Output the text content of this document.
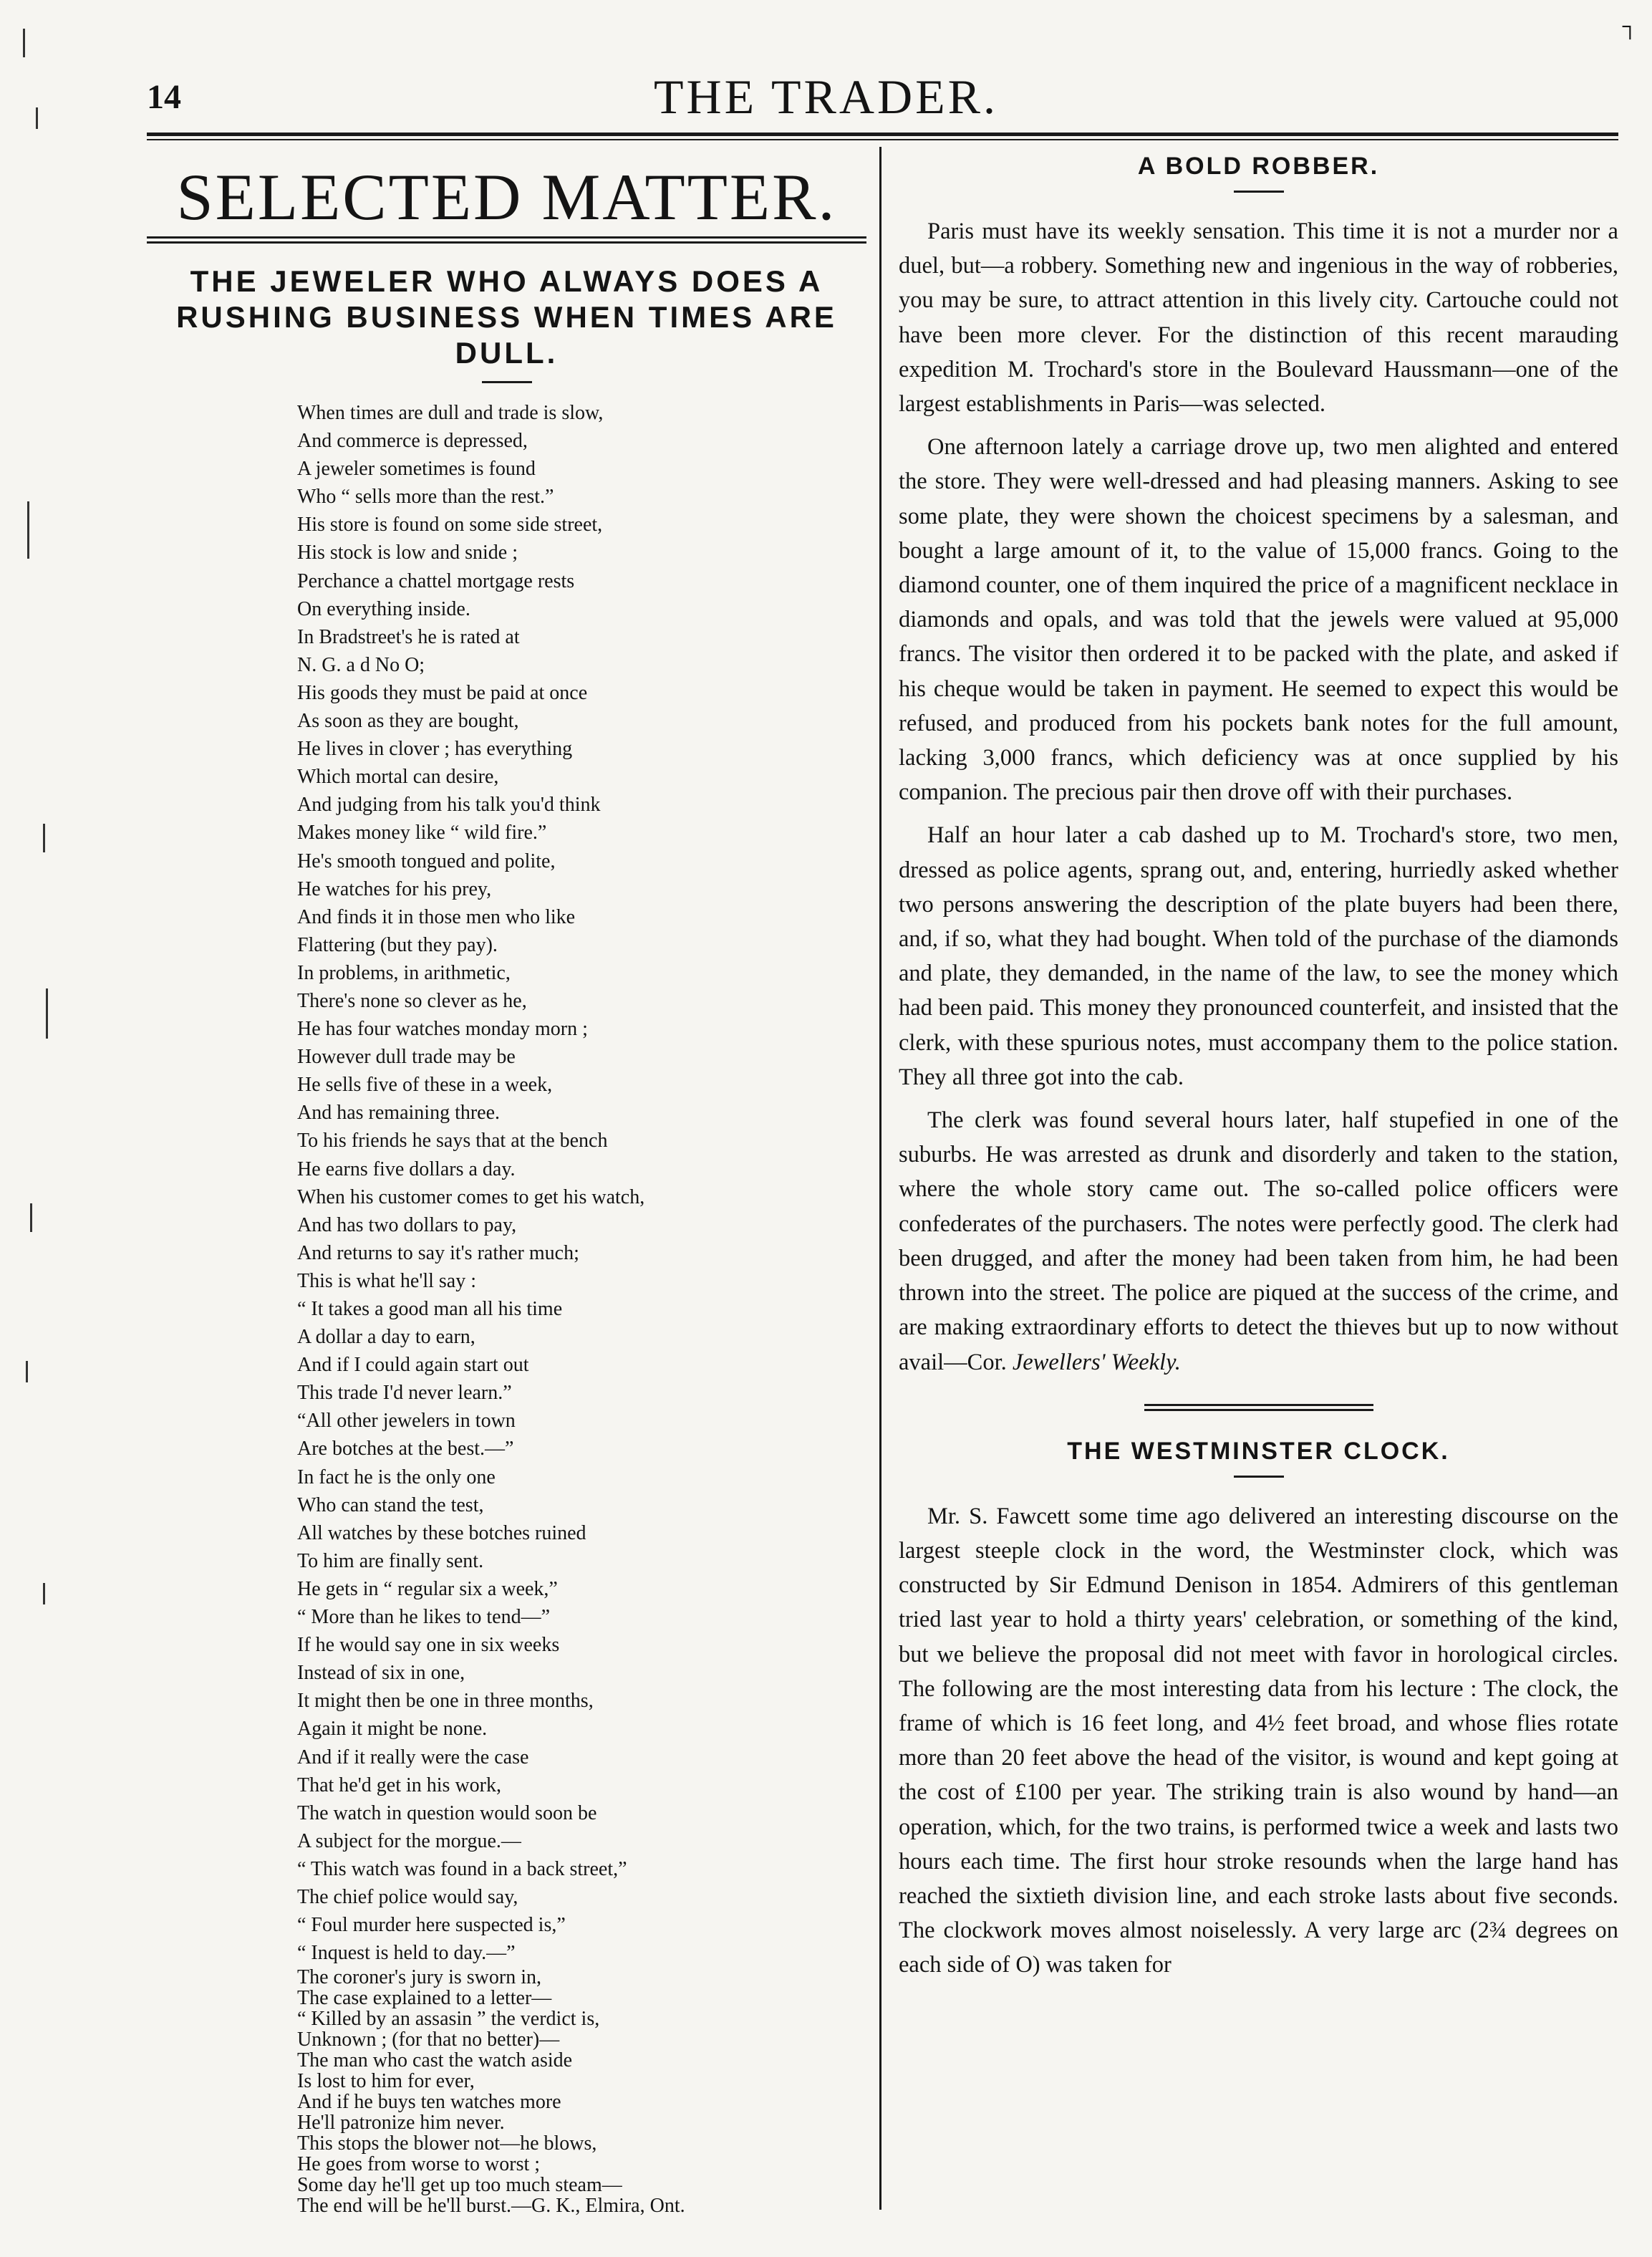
14	THE TRADER.
SELECTED MATTER.
THE JEWELER WHO ALWAYS DOES A RUSHING BUSINESS WHEN TIMES ARE DULL.
When times are dull and trade is slow,
And commerce is depressed,
A jeweler sometimes is found
Who “ sells more than the rest.”
His store is found on some side street,
His stock is low and snide ;
Perchance a chattel mortgage rests
On everything inside.
In Bradstreet's he is rated at
N. G. a d No O;
His goods they must be paid at once
As soon as they are bought,
He lives in clover ; has everything
Which mortal can desire,
And judging from his talk you'd think
Makes money like “ wild fire.”
He's smooth tongued and polite,
He watches for his prey,
And finds it in those men who like
Flattering (but they pay).
In problems, in arithmetic,
There's none so clever as he,
He has four watches monday morn ;
However dull trade may be
He sells five of these in a week,
And has remaining three.
To his friends he says that at the bench
He earns five dollars a day.
When his customer comes to get his watch,
And has two dollars to pay,
And returns to say it's rather much;
This is what he'll say :
“ It takes a good man all his time
A dollar a day to earn,
And if I could again start out
This trade I'd never learn.”
“All other jewelers in town
Are botches at the best.—”
In fact he is the only one
Who can stand the test,
All watches by these botches ruined
To him are finally sent.
He gets in “ regular six a week,”
“ More than he likes to tend—”
If he would say one in six weeks
Instead of six in one,
It might then be one in three months,
Again it might be none.
And if it really were the case
That he'd get in his work,
The watch in question would soon be
A subject for the morgue.—
“ This watch was found in a back street,”
The chief police would say,
“ Foul murder here suspected is,”
“ Inquest is held to day.—”
The coroner's jury is sworn in,
The case explained to a letter—
“ Killed by an assasin ” the verdict is,
Unknown ; (for that no better)—
The man who cast the watch aside
Is lost to him for ever,
And if he buys ten watches more
He'll patronize him never.
This stops the blower not—he blows,
He goes from worse to worst ;
Some day he'll get up too much steam—
The end will be he'll burst.—G. K., Elmira, Ont.
A BOLD ROBBER.

Paris must have its weekly sensation. This time it is not a murder nor a duel, but—a robbery. Something new and ingenious in the way of robberies, you may be sure, to attract attention in this lively city. Cartouche could not have been more clever. For the distinction of this recent marauding expedition M. Trochard's store in the Boulevard Haussmann—one of the largest establishments in Paris—was selected.

One afternoon lately a carriage drove up, two men alighted and entered the store. They were well-dressed and had pleasing manners. Asking to see some plate, they were shown the choicest specimens by a salesman, and bought a large amount of it, to the value of 15,000 francs. Going to the diamond counter, one of them inquired the price of a magnificent necklace in diamonds and opals, and was told that the jewels were valued at 95,000 francs. The visitor then ordered it to be packed with the plate, and asked if his cheque would be taken in payment. He seemed to expect this would be refused, and produced from his pockets bank notes for the full amount, lacking 3,000 francs, which deficiency was at once supplied by his companion. The precious pair then drove off with their purchases.

Half an hour later a cab dashed up to M. Trochard's store, two men, dressed as police agents, sprang out, and, entering, hurriedly asked whether two persons answering the description of the plate buyers had been there, and, if so, what they had bought. When told of the purchase of the diamonds and plate, they demanded, in the name of the law, to see the money which had been paid. This money they pronounced counterfeit, and insisted that the clerk, with these spurious notes, must accompany them to the police station. They all three got into the cab.

The clerk was found several hours later, half stupefied in one of the suburbs. He was arrested as drunk and disorderly and taken to the station, where the whole story came out. The so-called police officers were confederates of the purchasers. The notes were perfectly good. The clerk had been drugged, and after the money had been taken from him, he had been thrown into the street. The police are piqued at the success of the crime, and are making extraordinary efforts to detect the thieves but up to now without avail—Cor. Jewellers' Weekly.

THE WESTMINSTER CLOCK.

Mr. S. Fawcett some time ago delivered an interesting discourse on the largest steeple clock in the word, the Westminster clock, which was constructed by Sir Edmund Denison in 1854. Admirers of this gentleman tried last year to hold a thirty years' celebration, or something of the kind, but we believe the proposal did not meet with favor in horological circles. The following are the most interesting data from his lecture : The clock, the frame of which is 16 feet long, and 4½ feet broad, and whose flies rotate more than 20 feet above the head of the visitor, is wound and kept going at the cost of £100 per year. The striking train is also wound by hand—an operation, which, for the two trains, is performed twice a week and lasts two hours each time. The first hour stroke resounds when the large hand has reached the sixtieth division line, and each stroke lasts about five seconds. The clockwork moves almost noiselessly. A very large arc (2¾ degrees on each side of O) was taken for

┐
